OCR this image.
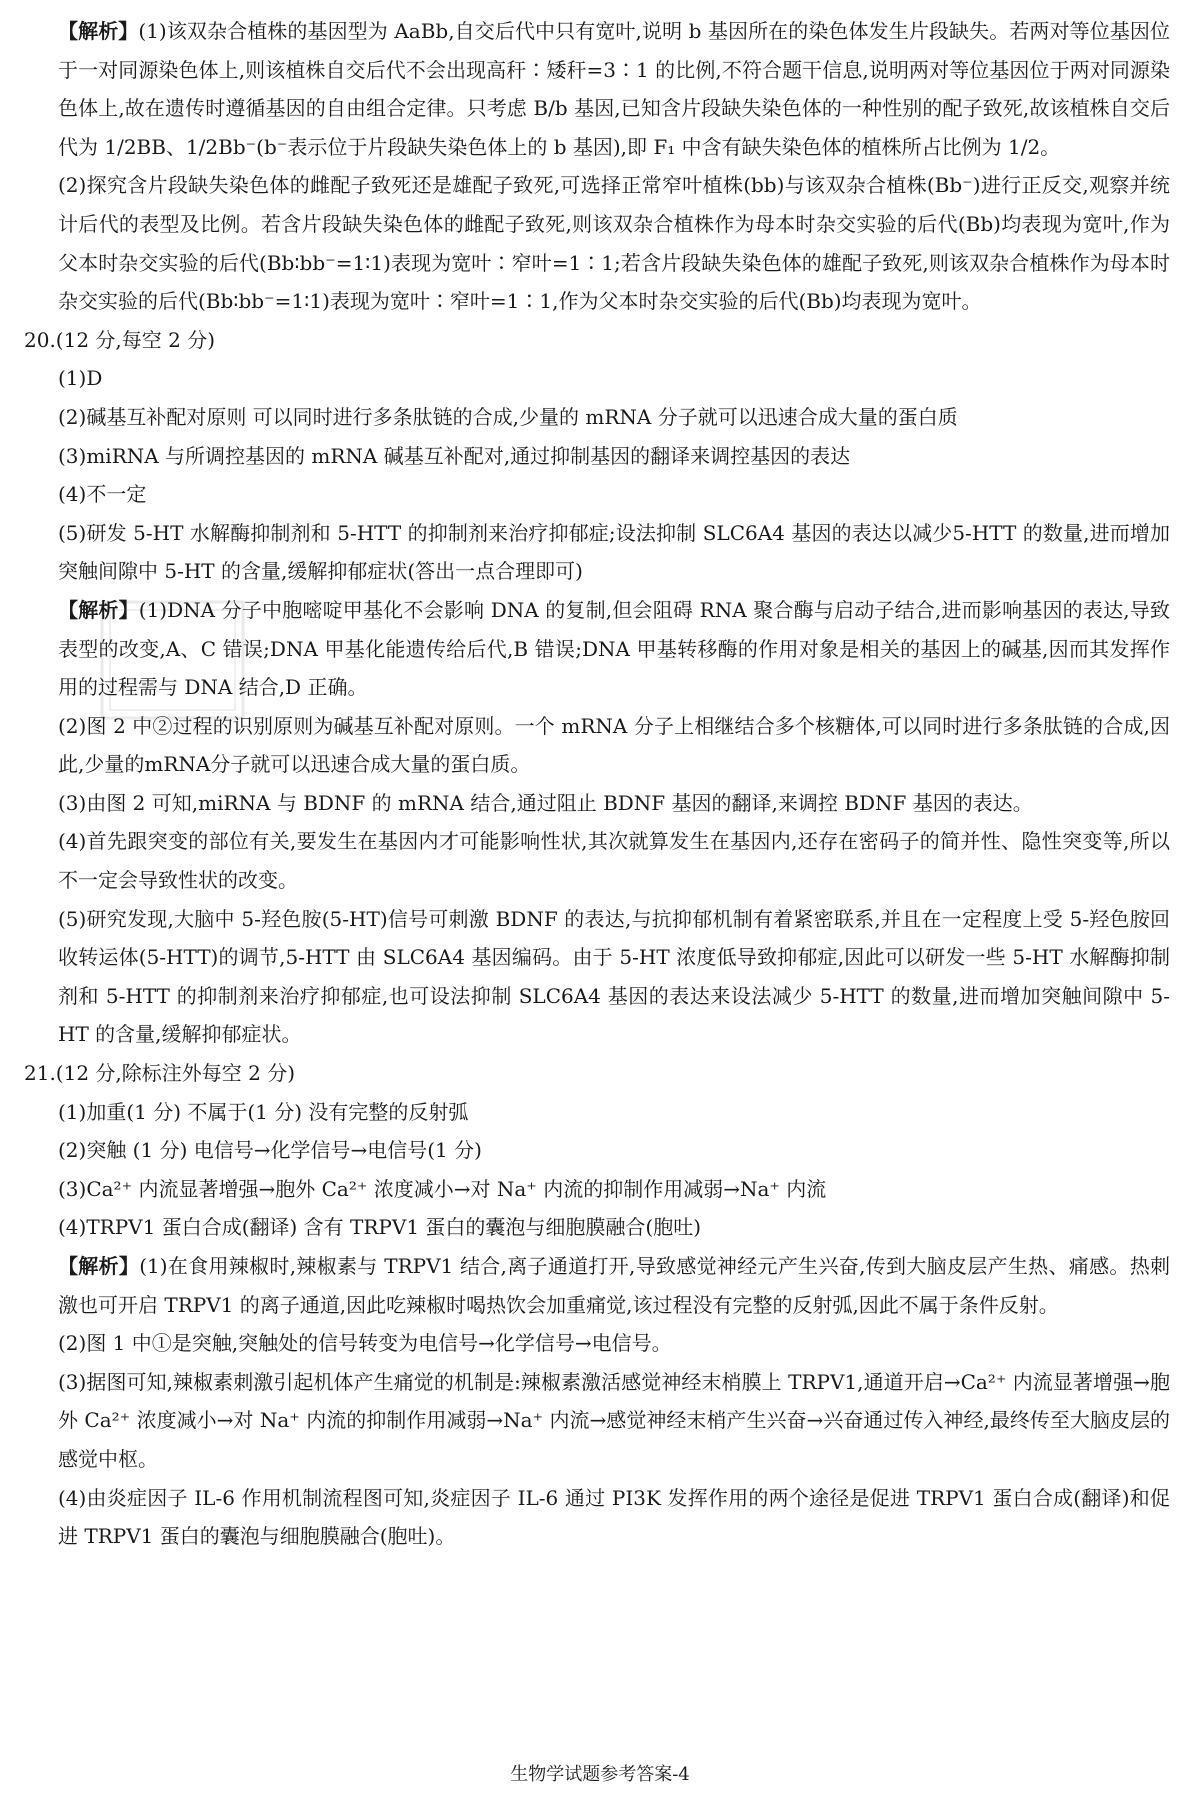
【解析】(1)该双杂合植株的基因型为 AaBb,自交后代中只有宽叶,说明 b 基因所在的染色体发生片段缺失。若两对等位基因位于一对同源染色体上,则该植株自交后代不会出现高秆∶矮秆=3∶1 的比例,不符合题干信息,说明两对等位基因位于两对同源染色体上,故在遗传时遵循基因的自由组合定律。只考虑 B/b 基因,已知含片段缺失染色体的一种性别的配子致死,故该植株自交后代为 1/2BB、1/2Bb⁻(b⁻表示位于片段缺失染色体上的 b 基因),即 F₁ 中含有缺失染色体的植株所占比例为 1/2。

(2)探究含片段缺失染色体的雌配子致死还是雄配子致死,可选择正常窄叶植株(bb)与该双杂合植株(Bb⁻)进行正反交,观察并统计后代的表型及比例。若含片段缺失染色体的雌配子致死,则该双杂合植株作为母本时杂交实验的后代(Bb)均表现为宽叶,作为父本时杂交实验的后代(Bb∶bb⁻=1∶1)表现为宽叶∶窄叶=1∶1;若含片段缺失染色体的雄配子致死,则该双杂合植株作为母本时杂交实验的后代(Bb∶bb⁻=1∶1)表现为宽叶∶窄叶=1∶1,作为父本时杂交实验的后代(Bb)均表现为宽叶。

20.(12 分,每空 2 分)

(1)D

(2)碱基互补配对原则 可以同时进行多条肽链的合成,少量的 mRNA 分子就可以迅速合成大量的蛋白质

(3)miRNA 与所调控基因的 mRNA 碱基互补配对,通过抑制基因的翻译来调控基因的表达

(4)不一定

(5)研发 5-HT 水解酶抑制剂和 5-HTT 的抑制剂来治疗抑郁症;设法抑制 SLC6A4 基因的表达以减少5-HTT 的数量,进而增加突触间隙中 5-HT 的含量,缓解抑郁症状(答出一点合理即可)

【解析】(1)DNA 分子中胞嘧啶甲基化不会影响 DNA 的复制,但会阻碍 RNA 聚合酶与启动子结合,进而影响基因的表达,导致表型的改变,A、C 错误;DNA 甲基化能遗传给后代,B 错误;DNA 甲基转移酶的作用对象是相关的基因上的碱基,因而其发挥作用的过程需与 DNA 结合,D 正确。

(2)图 2 中②过程的识别原则为碱基互补配对原则。一个 mRNA 分子上相继结合多个核糖体,可以同时进行多条肽链的合成,因此,少量的mRNA分子就可以迅速合成大量的蛋白质。

(3)由图 2 可知,miRNA 与 BDNF 的 mRNA 结合,通过阻止 BDNF 基因的翻译,来调控 BDNF 基因的表达。

(4)首先跟突变的部位有关,要发生在基因内才可能影响性状,其次就算发生在基因内,还存在密码子的简并性、隐性突变等,所以不一定会导致性状的改变。

(5)研究发现,大脑中 5-羟色胺(5-HT)信号可刺激 BDNF 的表达,与抗抑郁机制有着紧密联系,并且在一定程度上受 5-羟色胺回收转运体(5-HTT)的调节,5-HTT 由 SLC6A4 基因编码。由于 5-HT 浓度低导致抑郁症,因此可以研发一些 5-HT 水解酶抑制剂和 5-HTT 的抑制剂来治疗抑郁症,也可设法抑制 SLC6A4 基因的表达来设法减少 5-HTT 的数量,进而增加突触间隙中 5-HT 的含量,缓解抑郁症状。

21.(12 分,除标注外每空 2 分)

(1)加重(1 分) 不属于(1 分) 没有完整的反射弧

(2)突触 (1 分) 电信号→化学信号→电信号(1 分)

(3)Ca²⁺ 内流显著增强→胞外 Ca²⁺ 浓度减小→对 Na⁺ 内流的抑制作用减弱→Na⁺ 内流

(4)TRPV1 蛋白合成(翻译) 含有 TRPV1 蛋白的囊泡与细胞膜融合(胞吐)

【解析】(1)在食用辣椒时,辣椒素与 TRPV1 结合,离子通道打开,导致感觉神经元产生兴奋,传到大脑皮层产生热、痛感。热刺激也可开启 TRPV1 的离子通道,因此吃辣椒时喝热饮会加重痛觉,该过程没有完整的反射弧,因此不属于条件反射。

(2)图 1 中①是突触,突触处的信号转变为电信号→化学信号→电信号。

(3)据图可知,辣椒素刺激引起机体产生痛觉的机制是:辣椒素激活感觉神经末梢膜上 TRPV1,通道开启→Ca²⁺ 内流显著增强→胞外 Ca²⁺ 浓度减小→对 Na⁺ 内流的抑制作用减弱→Na⁺ 内流→感觉神经末梢产生兴奋→兴奋通过传入神经,最终传至大脑皮层的感觉中枢。

(4)由炎症因子 IL-6 作用机制流程图可知,炎症因子 IL-6 通过 PI3K 发挥作用的两个途径是促进 TRPV1 蛋白合成(翻译)和促进 TRPV1 蛋白的囊泡与细胞膜融合(胞吐)。

生物学试题参考答案-4
